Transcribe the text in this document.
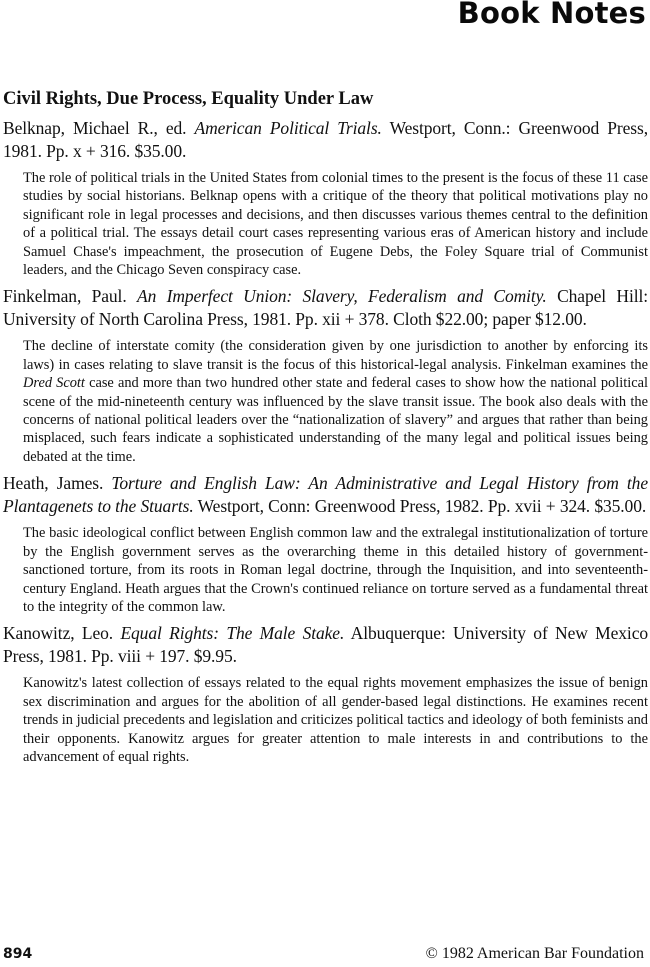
Book Notes
Civil Rights, Due Process, Equality Under Law

Belknap, Michael R., ed. American Political Trials. Westport, Conn.: Greenwood Press, 1981. Pp. x + 316. $35.00.

The role of political trials in the United States from colonial times to the present is the focus of these 11 case studies by social historians. Belknap opens with a critique of the theory that political motivations play no significant role in legal processes and decisions, and then discusses various themes central to the definition of a political trial. The essays detail court cases representing various eras of American history and include Samuel Chase's impeachment, the prosecution of Eugene Debs, the Foley Square trial of Communist leaders, and the Chicago Seven conspiracy case.

Finkelman, Paul. An Imperfect Union: Slavery, Federalism and Comity. Chapel Hill: University of North Carolina Press, 1981. Pp. xii + 378. Cloth $22.00; paper $12.00.

The decline of interstate comity (the consideration given by one jurisdiction to another by enforcing its laws) in cases relating to slave transit is the focus of this historical-legal analysis. Finkelman examines the Dred Scott case and more than two hundred other state and federal cases to show how the national political scene of the mid-nineteenth century was influenced by the slave transit issue. The book also deals with the concerns of national political leaders over the “nationalization of slavery” and argues that rather than being misplaced, such fears indicate a sophisticated understanding of the many legal and political issues being debated at the time.

Heath, James. Torture and English Law: An Administrative and Legal History from the Plantagenets to the Stuarts. Westport, Conn: Greenwood Press, 1982. Pp. xvii + 324. $35.00.

The basic ideological conflict between English common law and the extralegal institutionalization of torture by the English government serves as the overarching theme in this detailed history of government-sanctioned torture, from its roots in Roman legal doctrine, through the Inquisition, and into seventeenth-century England. Heath argues that the Crown's continued reliance on torture served as a fundamental threat to the integrity of the common law.

Kanowitz, Leo. Equal Rights: The Male Stake. Albuquerque: University of New Mexico Press, 1981. Pp. viii + 197. $9.95.

Kanowitz's latest collection of essays related to the equal rights movement emphasizes the issue of benign sex discrimination and argues for the abolition of all gender-based legal distinctions. He examines recent trends in judicial precedents and legislation and criticizes political tactics and ideology of both feminists and their opponents. Kanowitz argues for greater attention to male interests in and contributions to the advancement of equal rights.

894	© 1982 American Bar Foundation
